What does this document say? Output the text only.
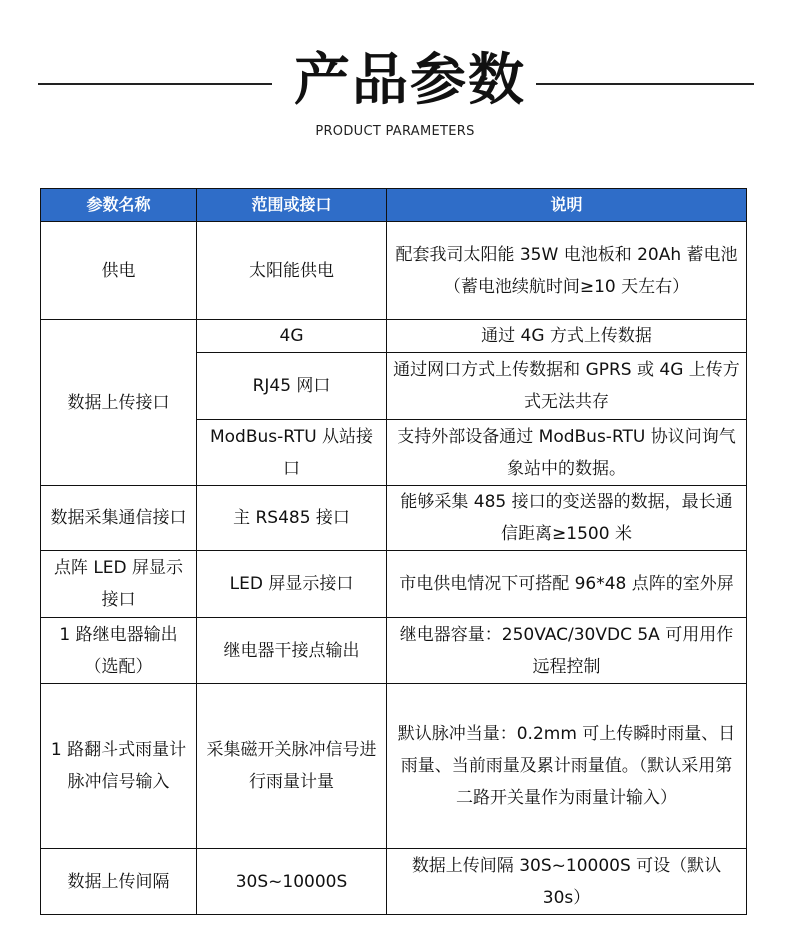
产品参数
PRODUCT PARAMETERS
参数名称	范围或接口	说明
供电	太阳能供电	配套我司太阳能 35W 电池板和 20Ah 蓄电池（蓄电池续航时间≥10 天左右）
数据上传接口	4G	通过 4G 方式上传数据
	RJ45 网口	通过网口方式上传数据和 GPRS 或 4G 上传方式无法共存
	ModBus-RTU 从站接口	支持外部设备通过 ModBus-RTU 协议问询气象站中的数据。
数据采集通信接口	主 RS485 接口	能够采集 485 接口的变送器的数据，最长通信距离≥1500 米
点阵 LED 屏显示接口	LED 屏显示接口	市电供电情况下可搭配 96*48 点阵的室外屏
1 路继电器输出（选配）	继电器干接点输出	继电器容量：250VAC/30VDC 5A 可用用作远程控制
1 路翻斗式雨量计脉冲信号输入	采集磁开关脉冲信号进行雨量计量	默认脉冲当量：0.2mm 可上传瞬时雨量、日雨量、当前雨量及累计雨量值。（默认采用第二路开关量作为雨量计输入）
数据上传间隔	30S~10000S	数据上传间隔 30S~10000S 可设（默认 30s）
